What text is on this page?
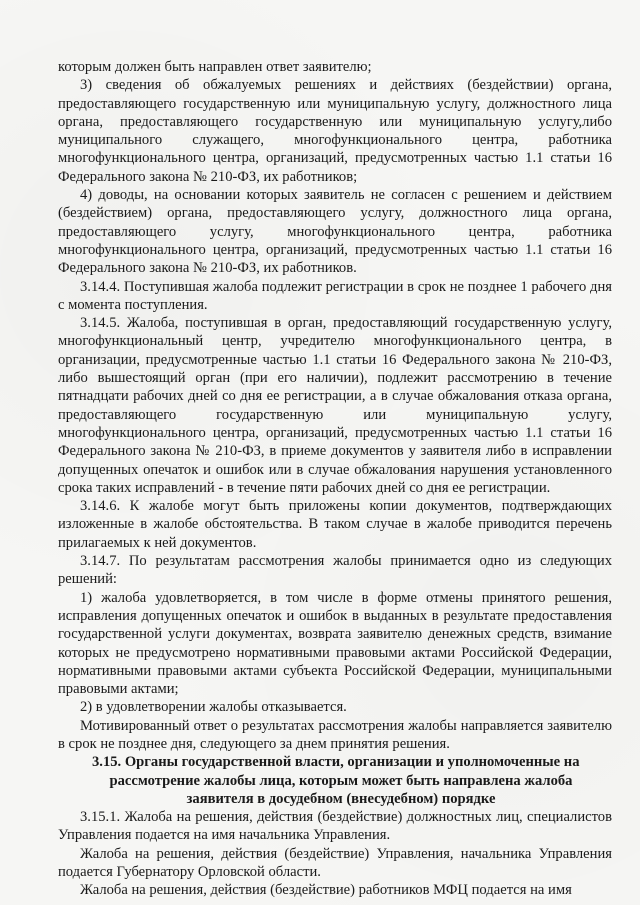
которым должен быть направлен ответ заявителю;

3) сведения об обжалуемых решениях и действиях (бездействии) органа, предоставляющего государственную или муниципальную услугу, должностного лица органа, предоставляющего государственную или муниципальную услугу,либо муниципального служащего, многофункционального центра, работника многофункционального центра, организаций, предусмотренных частью 1.1 статьи 16 Федерального закона № 210-ФЗ, их работников;

4) доводы, на основании которых заявитель не согласен с решением и действием (бездействием) органа, предоставляющего услугу, должностного лица органа, предоставляющего услугу, многофункционального центра, работника многофункционального центра, организаций, предусмотренных частью 1.1 статьи 16 Федерального закона № 210-ФЗ, их работников.

3.14.4. Поступившая жалоба подлежит регистрации в срок не позднее 1 рабочего дня с момента поступления.

3.14.5. Жалоба, поступившая в орган, предоставляющий государственную услугу, многофункциональный центр, учредителю многофункционального центра, в организации, предусмотренные частью 1.1 статьи 16 Федерального закона № 210-ФЗ, либо вышестоящий орган (при его наличии), подлежит рассмотрению в течение пятнадцати рабочих дней со дня ее регистрации, а в случае обжалования отказа органа, предоставляющего государственную или муниципальную услугу, многофункционального центра, организаций, предусмотренных частью 1.1 статьи 16 Федерального закона № 210-ФЗ, в приеме документов у заявителя либо в исправлении допущенных опечаток и ошибок или в случае обжалования нарушения установленного срока таких исправлений - в течение пяти рабочих дней со дня ее регистрации.

3.14.6. К жалобе могут быть приложены копии документов, подтверждающих изложенные в жалобе обстоятельства. В таком случае в жалобе приводится перечень прилагаемых к ней документов.

3.14.7. По результатам рассмотрения жалобы принимается одно из следующих решений:

1) жалоба удовлетворяется, в том числе в форме отмены принятого решения, исправления допущенных опечаток и ошибок в выданных в результате предоставления государственной услуги документах, возврата заявителю денежных средств, взимание которых не предусмотрено нормативными правовыми актами Российской Федерации, нормативными правовыми актами субъекта Российской Федерации, муниципальными правовыми актами;

2) в удовлетворении жалобы отказывается.

Мотивированный ответ о результатах рассмотрения жалобы направляется заявителю в срок не позднее дня, следующего за днем принятия решения.

3.15. Органы государственной власти, организации и уполномоченные на

рассмотрение жалобы лица, которым может быть направлена жалоба

заявителя в досудебном (внесудебном) порядке

3.15.1. Жалоба на решения, действия (бездействие) должностных лиц, специалистов Управления подается на имя начальника Управления.

Жалоба на решения, действия (бездействие) Управления, начальника Управления подается Губернатору Орловской области.

Жалоба на решения, действия (бездействие) работников МФЦ подается на имя
